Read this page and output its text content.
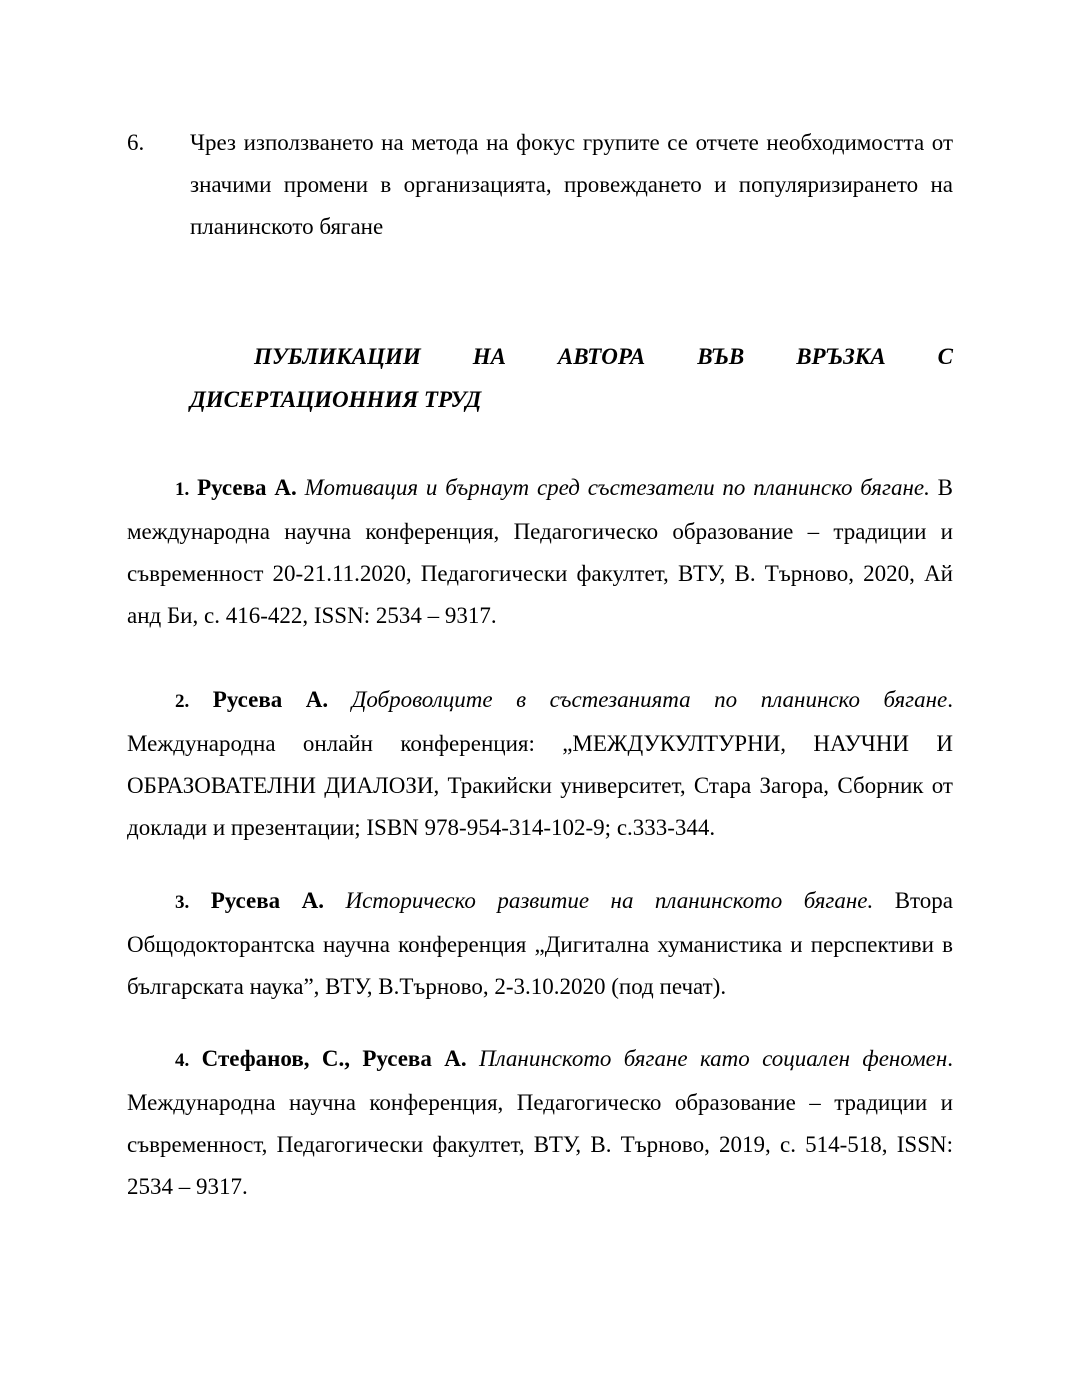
6. Чрез използването на метода на фокус групите се отчете необходимостта от значими промени в организацията, провеждането и популяризирането на планинското бягане
ПУБЛИКАЦИИ НА АВТОРА ВЪВ ВРЪЗКА С
ДИСЕРТАЦИОННИЯ ТРУД
1. Русева А. Мотивация и бърнаут сред състезатели по планинско бягане. В международна научна конференция, Педагогическо образование – традиции и съвременност 20-21.11.2020, Педагогически факултет, ВТУ, В. Търново, 2020, Ай анд Би, с. 416-422, ISSN: 2534 – 9317.
2. Русева А. Доброволците в състезанията по планинско бягане. Международна онлайн конференция: „МЕЖДУКУЛТУРНИ, НАУЧНИ И ОБРАЗОВАТЕЛНИ ДИАЛОЗИ, Тракийски университет, Стара Загора, Сборник от доклади и презентации; ISBN 978-954-314-102-9; с.333-344.
3. Русева А. Историческо развитие на планинското бягане. Втора Общодокторантска научна конференция „Дигитална хуманистика и перспективи в българската наука”, ВТУ, В.Търново, 2-3.10.2020 (под печат).
4. Стефанов, С., Русева А. Планинското бягане като социален феномен. Международна научна конференция, Педагогическо образование – традиции и съвременност, Педагогически факултет, ВТУ, В. Търново, 2019, с. 514-518, ISSN: 2534 – 9317.
